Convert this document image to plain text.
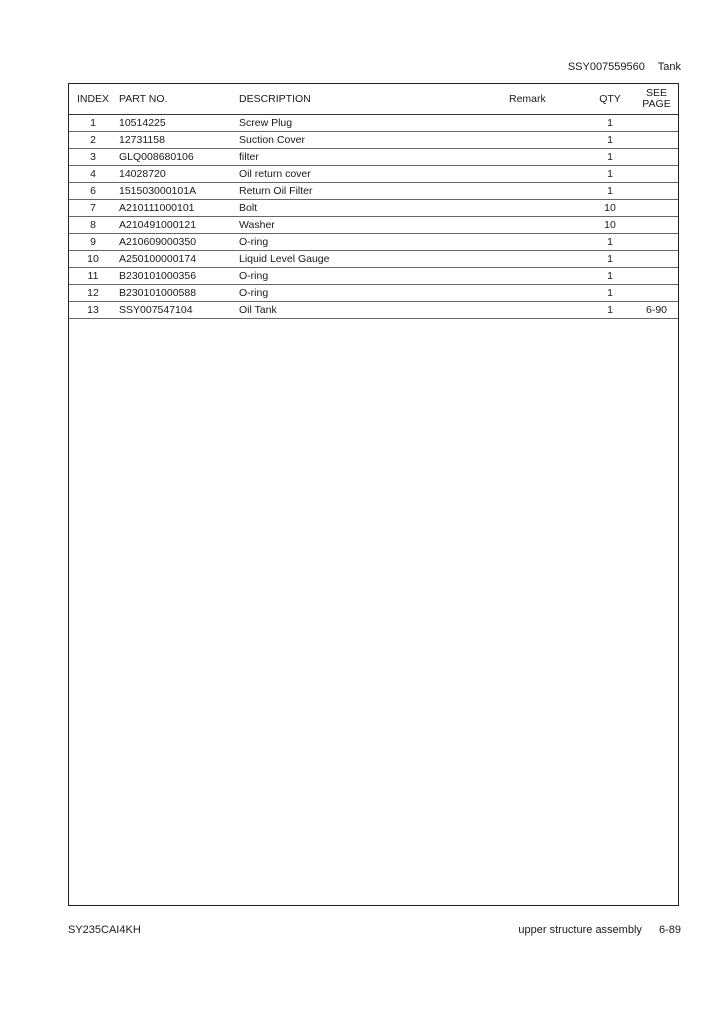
SSY007559560 Tank
INDEX	PART NO.	DESCRIPTION	Remark	QTY	SEE
PAGE

1	10514225	Screw Plug		1	
2	12731158	Suction Cover		1	
3	GLQ008680106	filter		1	
4	14028720	Oil return cover		1	
6	151503000101A	Return Oil Filter		1	
7	A210111000101	Bolt		10	
8	A210491000121	Washer		10	
9	A210609000350	O-ring		1	
10	A250100000174	Liquid Level Gauge		1	
11	B230101000356	O-ring		1	
12	B230101000588	O-ring		1	
13	SSY007547104	Oil Tank		1	6-90
SY235CAI4KH	upper structure assembly 6-89
